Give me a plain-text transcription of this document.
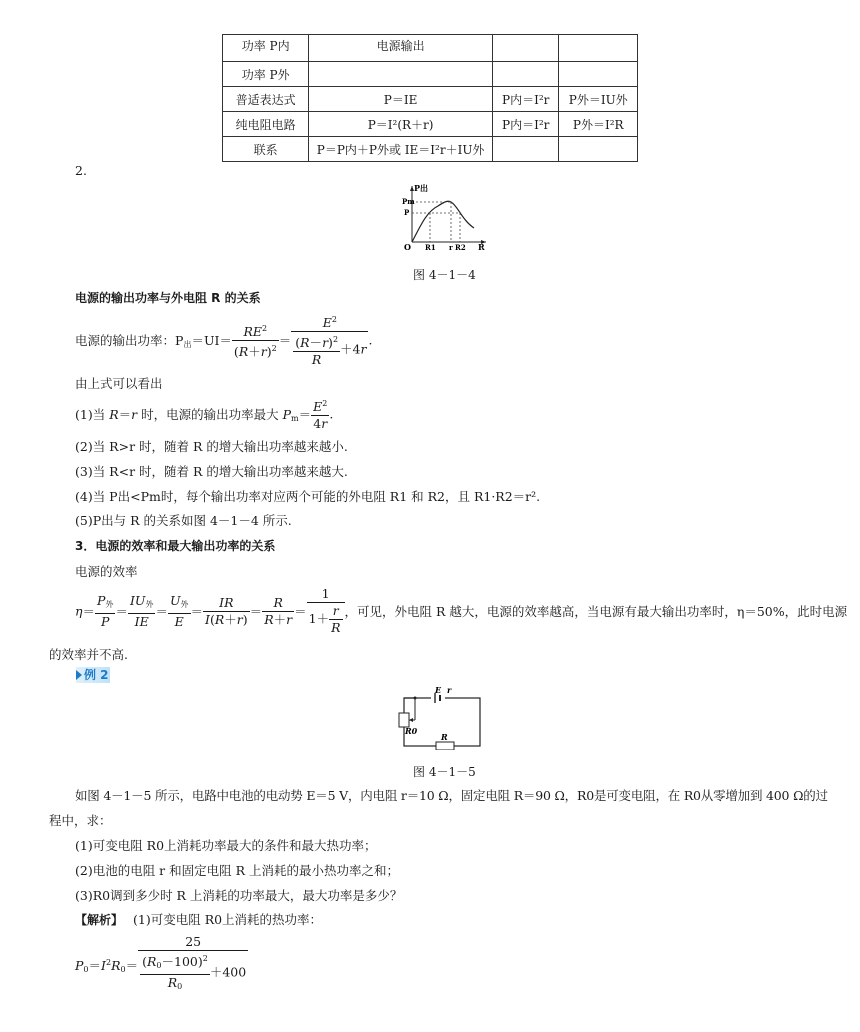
功率 P内	电源输出		
功率 P外			
普适表达式	P＝IE	P内＝I²r	P外＝IU外
纯电阻电路	P＝I²(R＋r)	P内＝I²r	P外＝I²R
联系	P＝P内＋P外或 IE＝I²r＋IU外		
2.
P出
Pm
P
O R1 r R2 R
图 4－1－4
电源的输出功率与外电阻 R 的关系
电源的输出功率：$P_出=UI= \frac{RE^2}{(R+r)^2} = \frac{E^2}{\frac{(R-r)^2}{R} +4r}$ .
由上式可以看出
(1)当 R＝r 时，电源的输出功率最大 $P_m= \frac{E^2}{4r}$ .
(2)当 R>r 时，随着 R 的增大输出功率越来越小.
(3)当 R<r 时，随着 R 的增大输出功率越来越大.
(4)当 P出<Pm时，每个输出功率对应两个可能的外电阻 R1 和 R2，且 R1·R2＝r².
(5)P出与 R 的关系如图 4－1－4 所示.
3．电源的效率和最大输出功率的关系
电源的效率
$\eta= \frac{P_外}{P} = \frac{IU_外}{IE} = \frac{U_外}{E} = \frac{IR}{I(R+r)} = \frac{R}{R+r} = \frac{1}{1+ \frac{r}{R}}$ ，可见，外电阻 R 越大，电源的效率越高，当电源有最大输出功率时，η＝50%，此时电源
的效率并不高.
例 2
E r
R0
R
图 4－1－5
如图 4－1－5 所示，电路中电池的电动势 E＝5 V，内电阻 r＝10 Ω，固定电阻 R＝90 Ω，R0是可变电阻，在 R0从零增加到 400 Ω的过
程中，求：
(1)可变电阻 R0上消耗功率最大的条件和最大热功率；
(2)电池的电阻 r 和固定电阻 R 上消耗的最小热功率之和；
(3)R0调到多少时 R 上消耗的功率最大，最大功率是多少？
【解析】 (1)可变电阻 R0上消耗的热功率：
$P_0=I^2R_0= \frac{25}{\frac{(R_0-100)^2}{R_0} +400}$
